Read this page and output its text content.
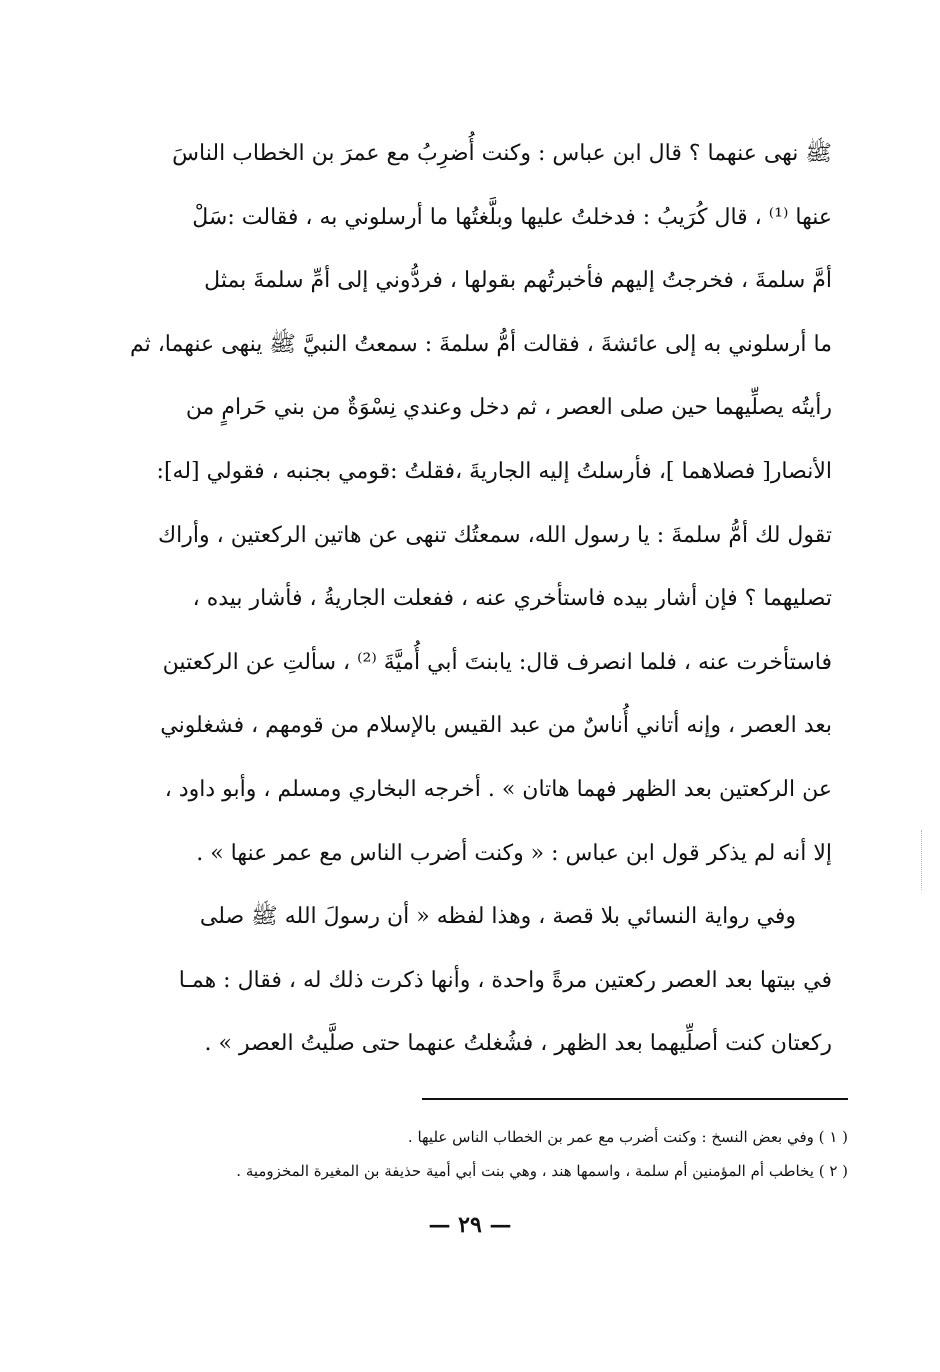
ﷺ نهى عنهما ؟ قال ابن عباس : وكنت أُضرِبُ مع عمرَ بن الخطاب الناسَ
عنها ⁽¹⁾ ، قال كُرَيبُ : فدخلتُ عليها وبلَّغتُها ما أرسلوني به ، فقالت :سَلْ
أمَّ سلمةَ ، فخرجتُ إليهم فأخبرتُهم بقولها ، فردُّوني إلى أمِّ سلمةَ بمثل
ما أرسلوني به إلى عائشةَ ، فقالت أمُّ سلمةَ : سمعتُ النبيَّ ﷺ ينهى عنهما، ثم
رأيتُه يصلِّيهما حين صلى العصر ، ثم دخل وعندي نِسْوَةٌ من بني حَرامٍ من
الأنصار[ فصلاهما ]، فأرسلتُ إليه الجاريةَ ،فقلتُ :قومي بجنبه ، فقولي [له]:
تقول لك أمُّ سلمةَ : يا رسول الله، سمعتُك تنهى عن هاتين الركعتين ، وأراك
تصليهما ؟ فإن أشار بيده فاستأخري عنه ، ففعلت الجاريةُ ، فأشار بيده ،
فاستأخرت عنه ، فلما انصرف قال: يابنتَ أبي أُميَّةَ ⁽²⁾ ، سألتِ عن الركعتين
بعد العصر ، وإنه أتاني أُناسٌ من عبد القيس بالإسلام من قومهم ، فشغلوني
عن الركعتين بعد الظهر فهما هاتان » . أخرجه البخاري ومسلم ، وأبو داود ،
إلا أنه لم يذكر قول ابن عباس : « وكنت أضرب الناس مع عمر عنها » .
وفي رواية النسائي بلا قصة ، وهذا لفظه « أن رسولَ الله ﷺ صلى
في بيتها بعد العصر ركعتين مرةً واحدة ، وأنها ذكرت ذلك له ، فقال : همـا
ركعتان كنت أصلِّيهما بعد الظهر ، فشُغلتُ عنهما حتى صلَّيتُ العصر » .
( ١ ) وفي بعض النسخ : وكنت أضرب مع عمر بن الخطاب الناس عليها .
( ٢ ) يخاطب أم المؤمنين أم سلمة ، واسمها هند ، وهي بنت أبي أمية حذيفة بن المغيرة المخزومية .
— ٢٩ —
